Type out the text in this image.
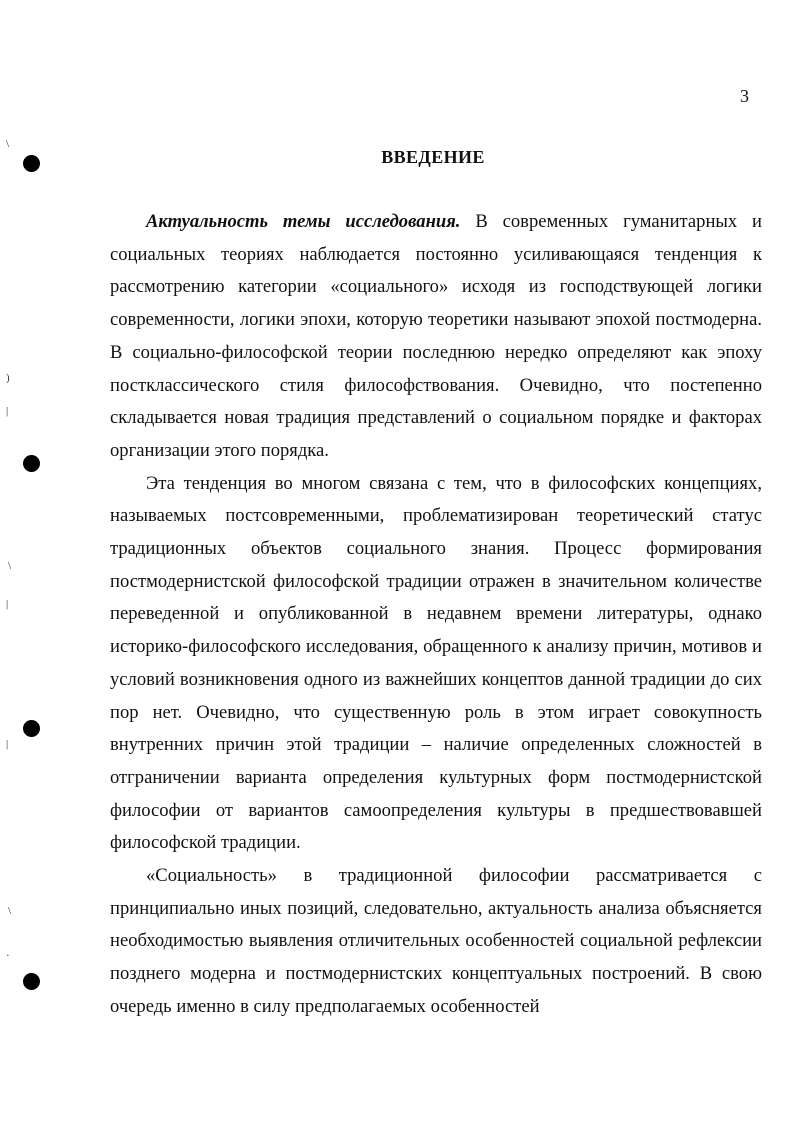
\
)
|
\
|
|
\
·
3
ВВЕДЕНИЕ

Актуальность темы исследования. В современных гуманитарных и социальных теориях наблюдается постоянно усиливающаяся тенденция к рассмотрению категории «социального» исходя из господствующей логики современности, логики эпохи, которую теоретики называют эпохой постмодерна. В социально-философской теории последнюю нередко определяют как эпоху постклассического стиля философствования. Очевидно, что постепенно складывается новая традиция представлений о социальном порядке и факторах организации этого порядка.

Эта тенденция во многом связана с тем, что в философских концепциях, называемых постсовременными, проблематизирован теоретический статус традиционных объектов социального знания. Процесс формирования постмодернистской философской традиции отражен в значительном количестве переведенной и опубликованной в недавнем времени литературы, однако историко-философского исследования, обращенного к анализу причин, мотивов и условий возникновения одного из важнейших концептов данной традиции до сих пор нет. Очевидно, что существенную роль в этом играет совокупность внутренних причин этой традиции – наличие определенных сложностей в отграничении варианта определения культурных форм постмодернистской философии от вариантов самоопределения культуры в предшествовавшей философской традиции.

«Социальность» в традиционной философии рассматривается с принципиально иных позиций, следовательно, актуальность анализа объясняется необходимостью выявления отличительных особенностей социальной рефлексии позднего модерна и постмодернистских концептуальных построений. В свою очередь именно в силу предполагаемых особенностей
